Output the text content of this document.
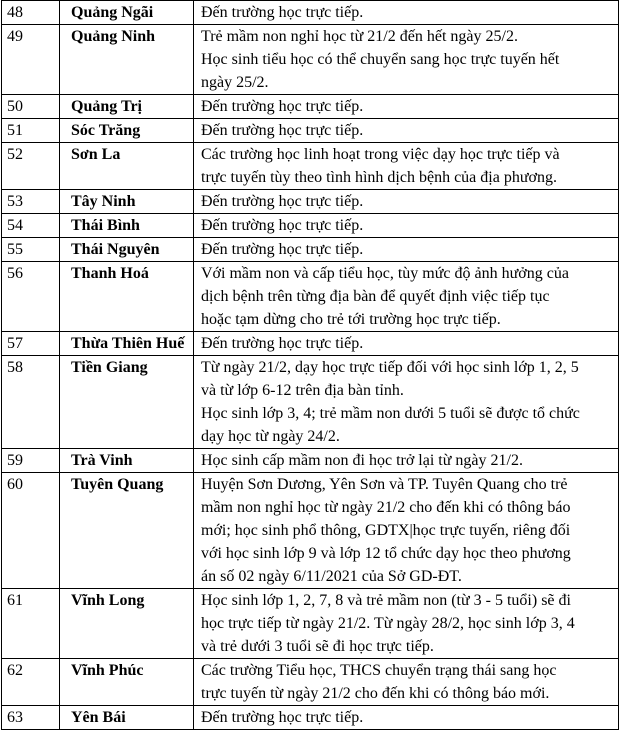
48	Quảng Ngãi	Đến trường học trực tiếp.

49	Quảng Ninh	Trẻ mầm non nghỉ học từ 21/2 đến hết ngày 25/2.
Học sinh tiểu học có thể chuyển sang học trực tuyến hết
ngày 25/2.

50	Quảng Trị	Đến trường học trực tiếp.

51	Sóc Trăng	Đến trường học trực tiếp.

52	Sơn La	Các trường học linh hoạt trong việc dạy học trực tiếp và
trực tuyến tùy theo tình hình dịch bệnh của địa phương.

53	Tây Ninh	Đến trường học trực tiếp.

54	Thái Bình	Đến trường học trực tiếp.

55	Thái Nguyên	Đến trường học trực tiếp.

56	Thanh Hoá	Với mầm non và cấp tiểu học, tùy mức độ ảnh hưởng của
dịch bệnh trên từng địa bàn để quyết định việc tiếp tục
hoặc tạm dừng cho trẻ tới trường học trực tiếp.

57	Thừa Thiên Huế	Đến trường học trực tiếp.

58	Tiền Giang	Từ ngày 21/2, dạy học trực tiếp đối với học sinh lớp 1, 2, 5
và từ lớp 6-12 trên địa bàn tỉnh.
Học sinh lớp 3, 4; trẻ mầm non dưới 5 tuổi sẽ được tổ chức
dạy học từ ngày 24/2.

59	Trà Vinh	Học sinh cấp mầm non đi học trở lại từ ngày 21/2.

60	Tuyên Quang	Huyện Sơn Dương, Yên Sơn và TP. Tuyên Quang cho trẻ
mầm non nghỉ học từ ngày 21/2 cho đến khi có thông báo
mới; học sinh phổ thông, GDTX|học trực tuyến, riêng đối
với học sinh lớp 9 và lớp 12 tổ chức dạy học theo phương
án số 02 ngày 6/11/2021 của Sở GD-ĐT.

61	Vĩnh Long	Học sinh lớp 1, 2, 7, 8 và trẻ mầm non (từ 3 - 5 tuổi) sẽ đi
học trực tiếp từ ngày 21/2. Từ ngày 28/2, học sinh lớp 3, 4
và trẻ dưới 3 tuổi sẽ đi học trực tiếp.

62	Vĩnh Phúc	Các trường Tiểu học, THCS chuyển trạng thái sang học
trực tuyến từ ngày 21/2 cho đến khi có thông báo mới.

63	Yên Bái	Đến trường học trực tiếp.
